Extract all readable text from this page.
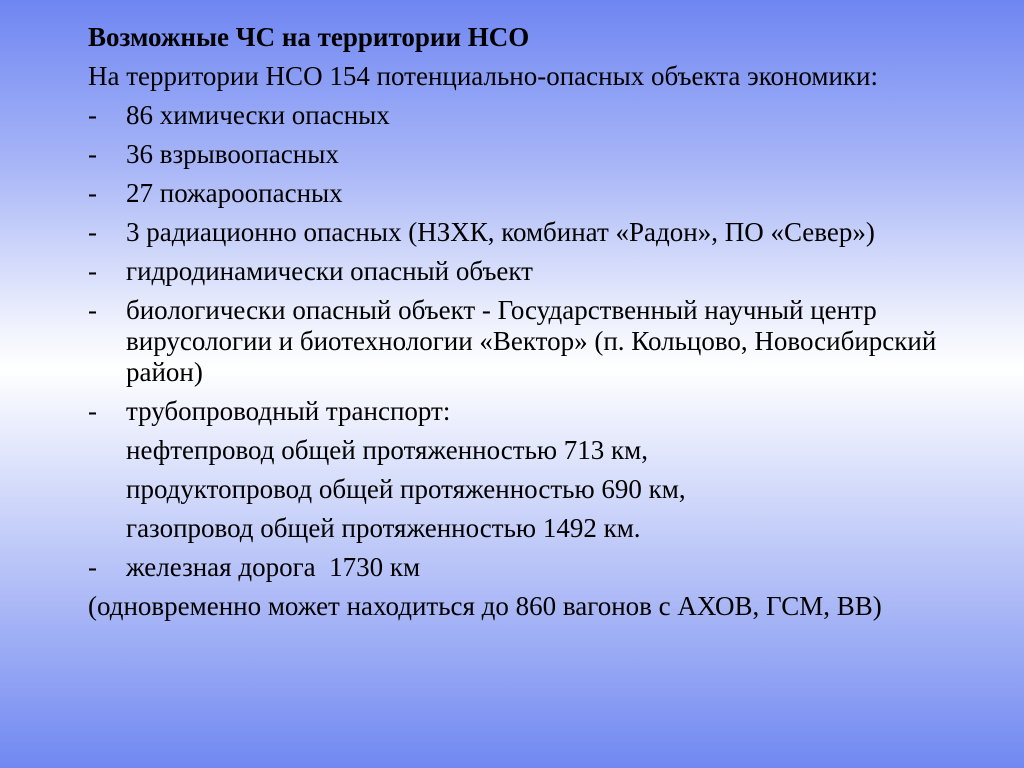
Возможные ЧС на территории НСО
На территории НСО 154 потенциально-опасных объекта экономики:
- 86 химически опасных
- 36 взрывоопасных
- 27 пожароопасных
- 3 радиационно опасных (НЗХК, комбинат «Радон», ПО «Север»)
- гидродинамически опасный объект
- биологически опасный объект - Государственный научный центр вирусологии и биотехнологии «Вектор» (п. Кольцово, Новосибирский район)
- трубопроводный транспорт:
нефтепровод общей протяженностью 713 км,
продуктопровод общей протяженностью 690 км,
газопровод общей протяженностью 1492 км.
- железная дорога  1730 км
(одновременно может находиться до 860 вагонов с АХОВ, ГСМ, ВВ)
